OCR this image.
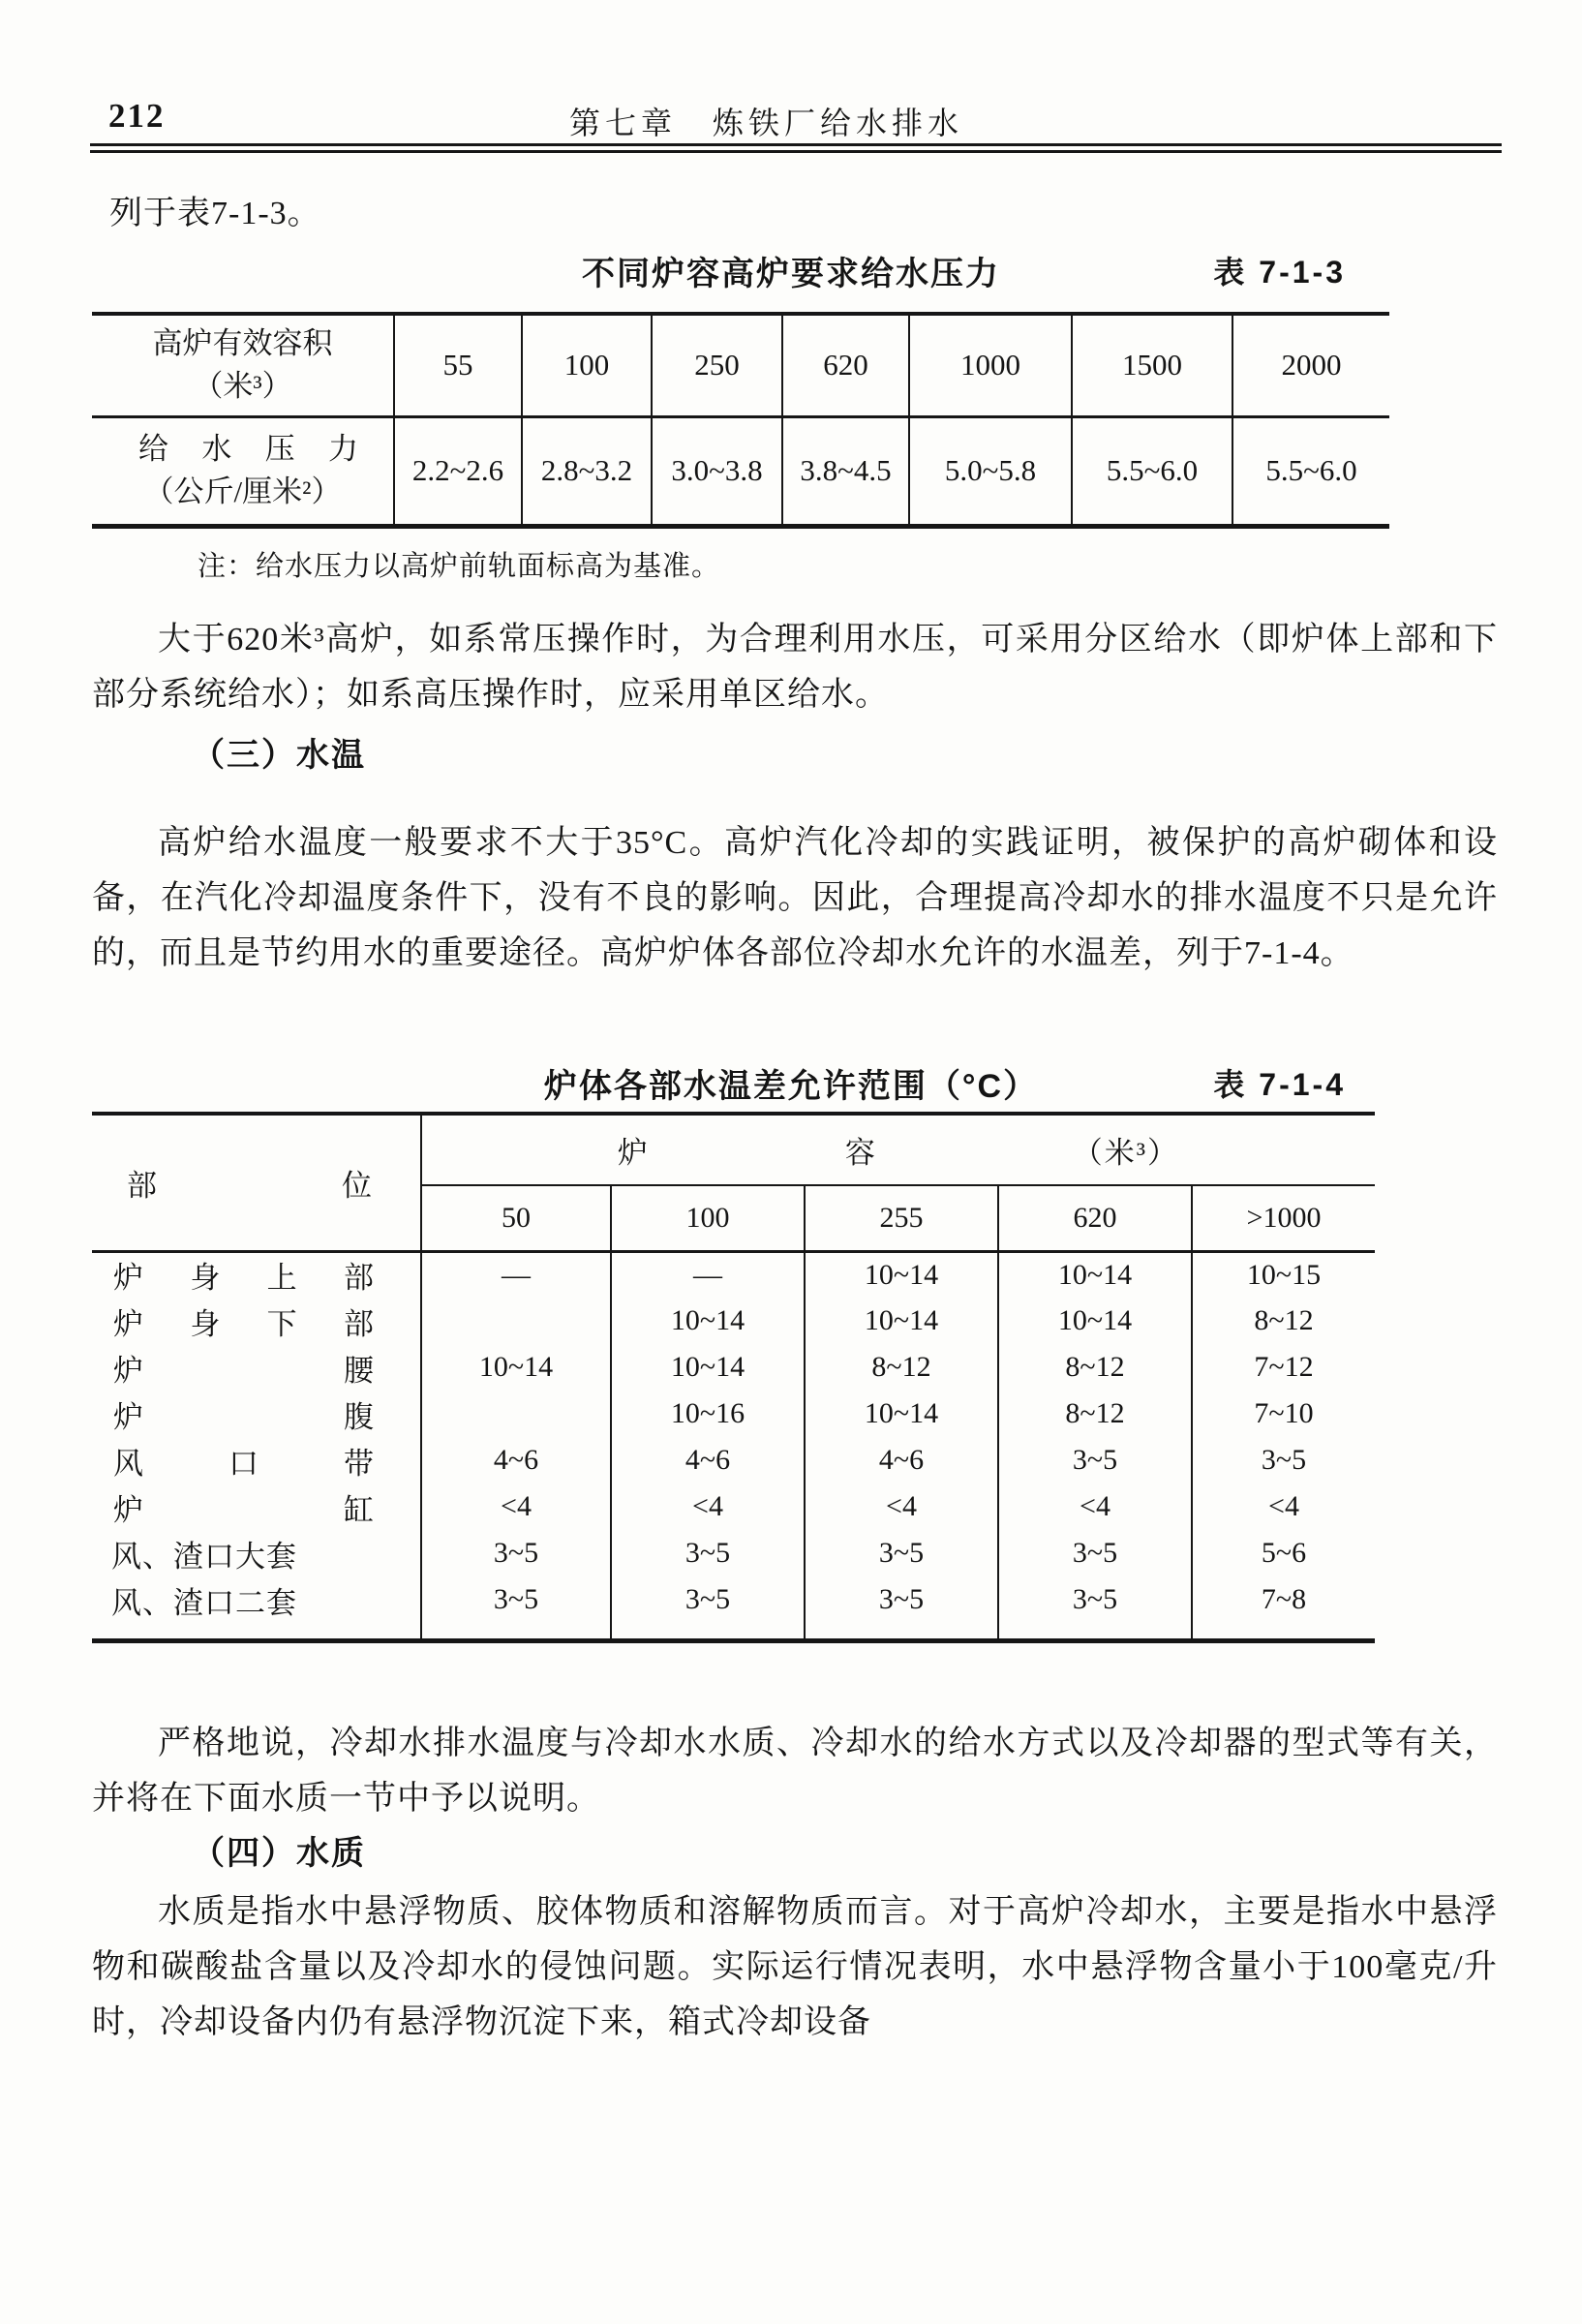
212	第七章　炼铁厂给水排水
列于表7-1-3。
不同炉容高炉要求给水压力	表 7-1-3
高炉有效容积
（米³）	55	100	250	620	1000	1500	2000

给 水 压 力
（公斤/厘米²）	2.2~2.6	2.8~3.2	3.0~3.8	3.8~4.5	5.0~5.8	5.5~6.0	5.5~6.0
注：给水压力以高炉前轨面标高为基准。
大于620米³高炉，如系常压操作时，为合理利用水压，可采用分区给水（即炉体上部和下部分系统给水）；如系高压操作时，应采用单区给水。
（三）水温
高炉给水温度一般要求不大于35°C。高炉汽化冷却的实践证明，被保护的高炉砌体和设备，在汽化冷却温度条件下，没有不良的影响。因此，合理提高冷却水的排水温度不只是允许的，而且是节约用水的重要途径。高炉炉体各部位冷却水允许的水温差，列于7-1-4。
炉体各部水温差允许范围（°C）	表 7-1-4
部 位	炉 容 （米³）				

	50	100	255	620	>1000

炉 身 上 部	—	—	10~14	10~14	10~15

炉 身 下 部		10~14	10~14	10~14	8~12

炉 腰	10~14	10~14	8~12	8~12	7~12

炉 腹		10~16	10~14	8~12	7~10

风 口 带	4~6	4~6	4~6	3~5	3~5

炉 缸	<4	<4	<4	<4	<4

风、渣口大套	3~5	3~5	3~5	3~5	5~6

风、渣口二套	3~5	3~5	3~5	3~5	7~8

严格地说，冷却水排水温度与冷却水水质、冷却水的给水方式以及冷却器的型式等有关，并将在下面水质一节中予以说明。
（四）水质
水质是指水中悬浮物质、胶体物质和溶解物质而言。对于高炉冷却水，主要是指水中悬浮物和碳酸盐含量以及冷却水的侵蚀问题。实际运行情况表明，水中悬浮物含量小于100毫克/升时，冷却设备内仍有悬浮物沉淀下来，箱式冷却设备
